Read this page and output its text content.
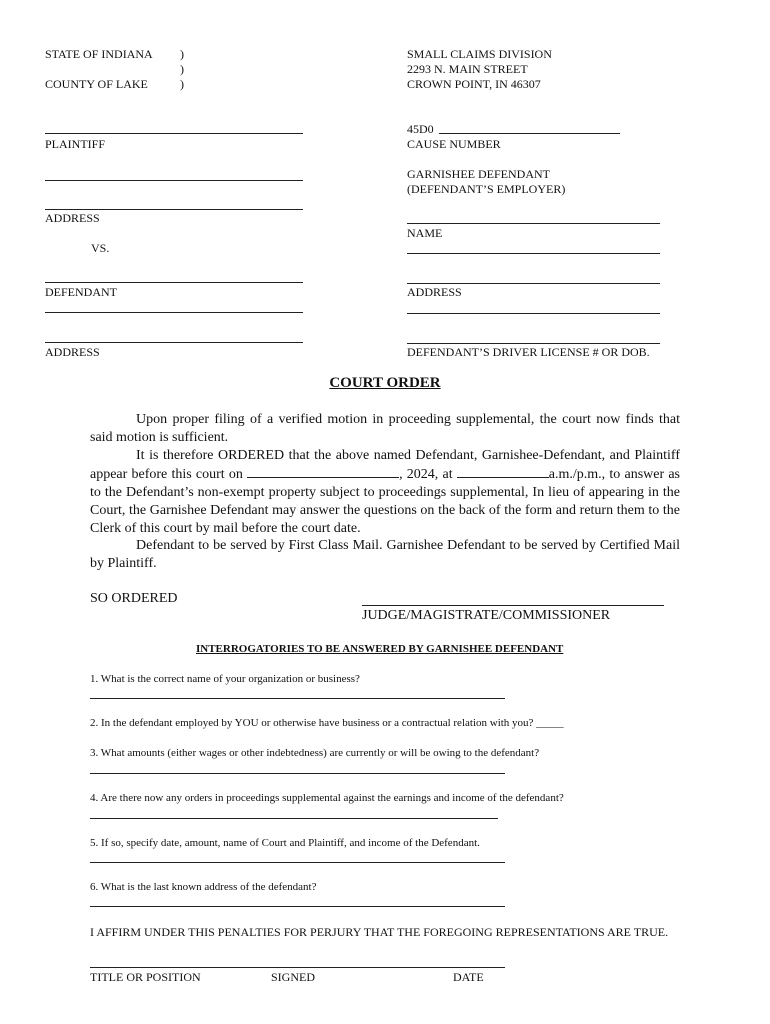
STATE OF INDIANA
COUNTY OF LAKE
)
)
)
SMALL CLAIMS DIVISION
2293 N. MAIN STREET
CROWN POINT, IN 46307
PLAINTIFF
ADDRESS
VS.
DEFENDANT
ADDRESS
45D0
CAUSE NUMBER
GARNISHEE DEFENDANT
(DEFENDANT’S EMPLOYER)
NAME
ADDRESS
DEFENDANT’S DRIVER LICENSE # OR DOB.
COURT ORDER
Upon proper filing of a verified motion in proceeding supplemental, the court now finds that said motion is sufficient.
It is therefore ORDERED that the above named Defendant, Garnishee-Defendant, and Plaintiff appear before this court on	, 2024, at	a.m./p.m., to answer as to the Defendant’s non-exempt property subject to proceedings supplemental, In lieu of appearing in the Court, the Garnishee Defendant may answer the questions on the back of the form and return them to the Clerk of this court by mail before the court date.
Defendant to be served by First Class Mail. Garnishee Defendant to be served by Certified Mail by Plaintiff.
SO ORDERED
JUDGE/MAGISTRATE/COMMISSIONER
INTERROGATORIES TO BE ANSWERED BY GARNISHEE DEFENDANT
1. What is the correct name of your organization or business?
2. In the defendant employed by YOU or otherwise have business or a contractual relation with you? _____
3. What amounts (either wages or other indebtedness) are currently or will be owing to the defendant?
4. Are there now any orders in proceedings supplemental against the earnings and income of the defendant?
5. If so, specify date, amount, name of Court and Plaintiff, and income of the Defendant.
6. What is the last known address of the defendant?
I AFFIRM UNDER THIS PENALTIES FOR PERJURY THAT THE FOREGOING REPRESENTATIONS ARE TRUE.
TITLE OR POSITION	SIGNED	DATE
